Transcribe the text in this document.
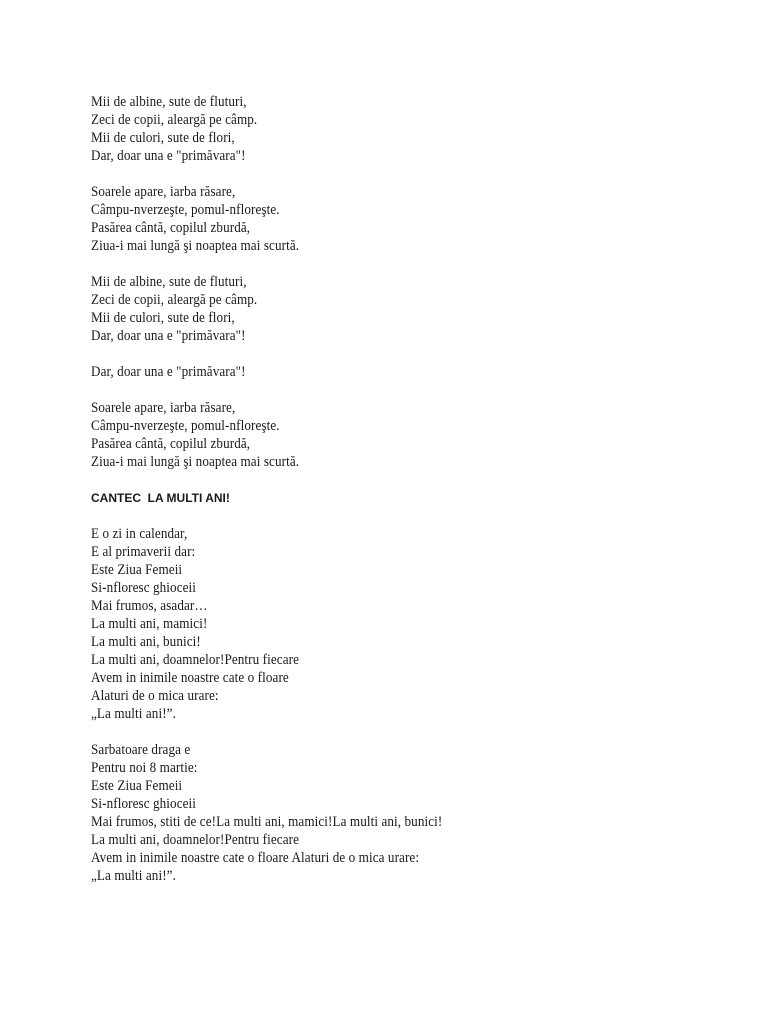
Mii de albine, sute de fluturi,
Zeci de copii, aleargă pe câmp.
Mii de culori, sute de flori,
Dar, doar una e "primăvara"!
Soarele apare, iarba răsare,
Câmpu-nverzeşte, pomul-nfloreşte.
Pasărea cântă, copilul zburdă,
Ziua-i mai lungă şi noaptea mai scurtă.
Mii de albine, sute de fluturi,
Zeci de copii, aleargă pe câmp.
Mii de culori, sute de flori,
Dar, doar una e "primăvara"!
Dar, doar una e "primăvara"!
Soarele apare, iarba răsare,
Câmpu-nverzeşte, pomul-nfloreşte.
Pasărea cântă, copilul zburdă,
Ziua-i mai lungă şi noaptea mai scurtă.
CANTEC  LA MULTI ANI!
E o zi in calendar,
E al primaverii dar:
Este Ziua Femeii
Si-nfloresc ghioceii
Mai frumos, asadar…
La multi ani, mamici!
La multi ani, bunici!
La multi ani, doamnelor!Pentru fiecare
Avem in inimile noastre cate o floare
Alaturi de o mica urare:
„La multi ani!”.
Sarbatoare draga e
Pentru noi 8 martie:
Este Ziua Femeii
Si-nfloresc ghioceii
Mai frumos, stiti de ce!La multi ani, mamici!La multi ani, bunici!
La multi ani, doamnelor!Pentru fiecare
Avem in inimile noastre cate o floare Alaturi de o mica urare:
„La multi ani!”.
